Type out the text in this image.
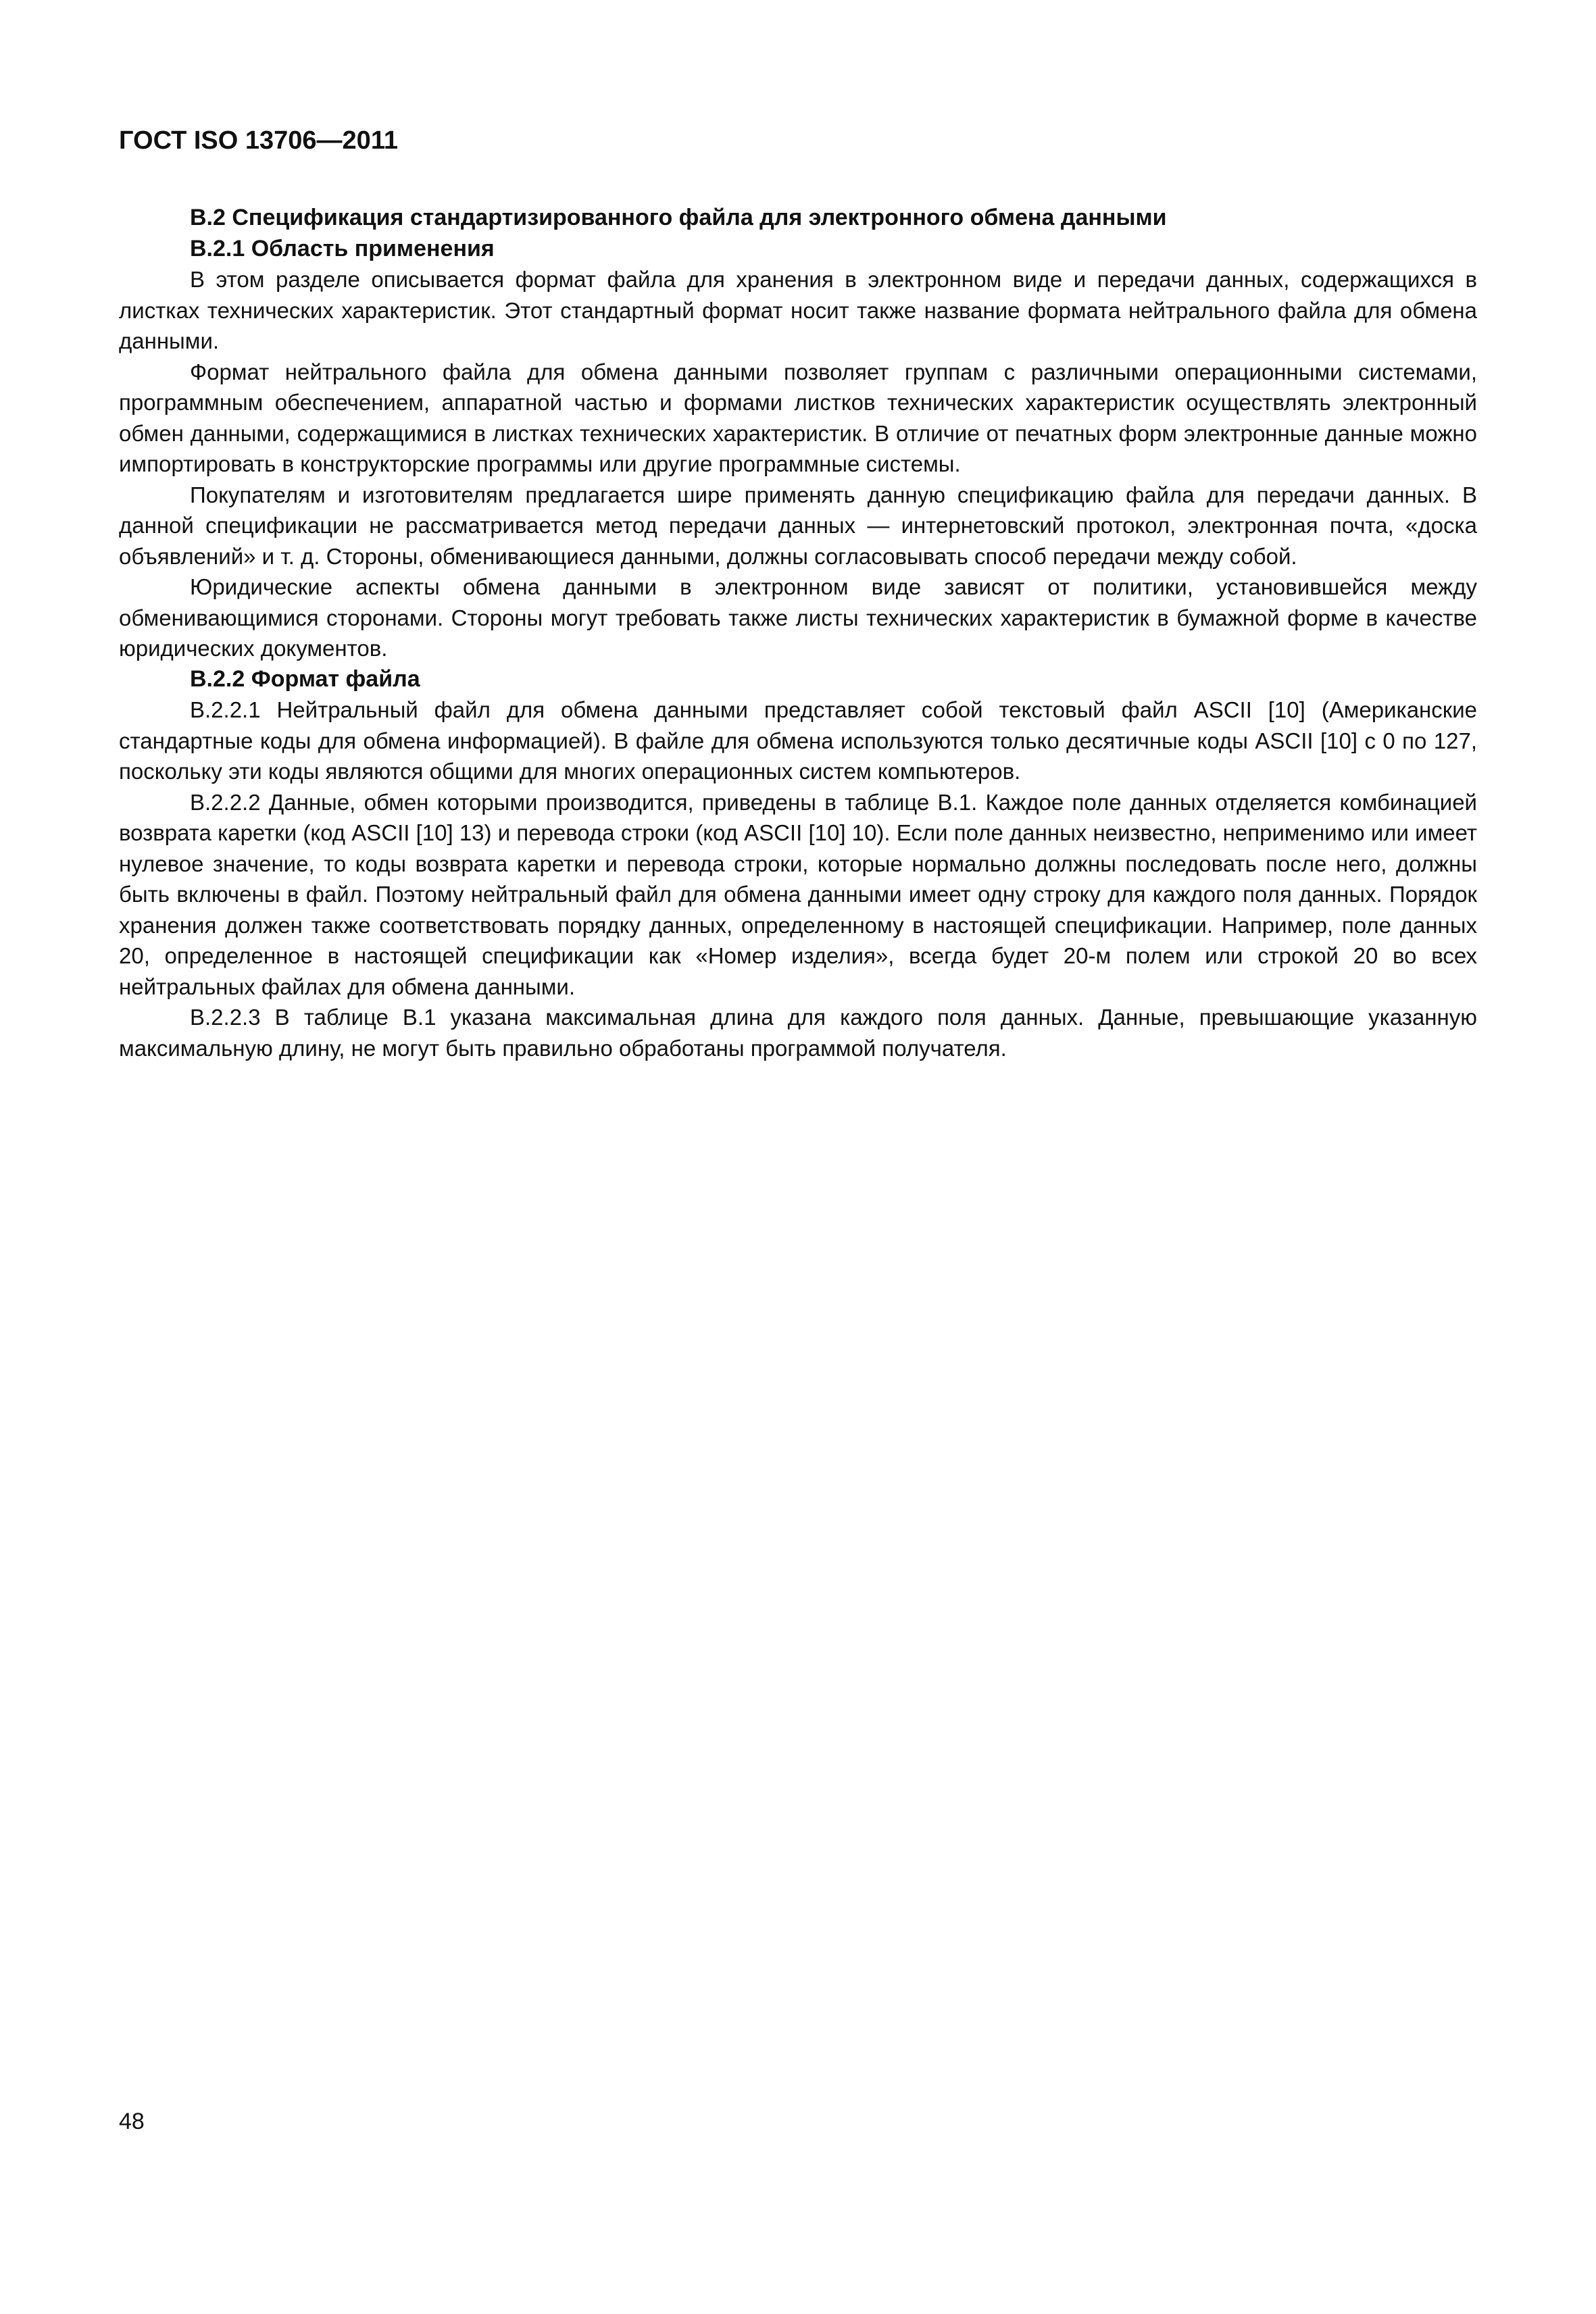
ГОСТ ISO 13706—2011
B.2 Спецификация стандартизированного файла для электронного обмена данными
B.2.1 Область применения

В этом разделе описывается формат файла для хранения в электронном виде и передачи данных, содержащихся в листках технических характеристик. Этот стандартный формат носит также название формата нейтрального файла для обмена данными.

Формат нейтрального файла для обмена данными позволяет группам с различными операционными системами, программным обеспечением, аппаратной частью и формами листков технических характеристик осуществлять электронный обмен данными, содержащимися в листках технических характеристик. В отличие от печатных форм электронные данные можно импортировать в конструкторские программы или другие программные системы.

Покупателям и изготовителям предлагается шире применять данную спецификацию файла для передачи данных. В данной спецификации не рассматривается метод передачи данных — интернетовский протокол, электронная почта, «доска объявлений» и т. д. Стороны, обменивающиеся данными, должны согласовывать способ передачи между собой.

Юридические аспекты обмена данными в электронном виде зависят от политики, установившейся между обменивающимися сторонами. Стороны могут требовать также листы технических характеристик в бумажной форме в качестве юридических документов.

B.2.2 Формат файла

B.2.2.1 Нейтральный файл для обмена данными представляет собой текстовый файл ASCII [10] (Американские стандартные коды для обмена информацией). В файле для обмена используются только десятичные коды ASCII [10] с 0 по 127, поскольку эти коды являются общими для многих операционных систем компьютеров.

B.2.2.2 Данные, обмен которыми производится, приведены в таблице B.1. Каждое поле данных отделяется комбинацией возврата каретки (код ASCII [10] 13) и перевода строки (код ASCII [10] 10). Если поле данных неизвестно, неприменимо или имеет нулевое значение, то коды возврата каретки и перевода строки, которые нормально должны последовать после него, должны быть включены в файл. Поэтому нейтральный файл для обмена данными имеет одну строку для каждого поля данных. Порядок хранения должен также соответствовать порядку данных, определенному в настоящей спецификации. Например, поле данных 20, определенное в настоящей спецификации как «Номер изделия», всегда будет 20-м полем или строкой 20 во всех нейтральных файлах для обмена данными.

B.2.2.3 В таблице B.1 указана максимальная длина для каждого поля данных. Данные, превышающие указанную максимальную длину, не могут быть правильно обработаны программой получателя.

48
